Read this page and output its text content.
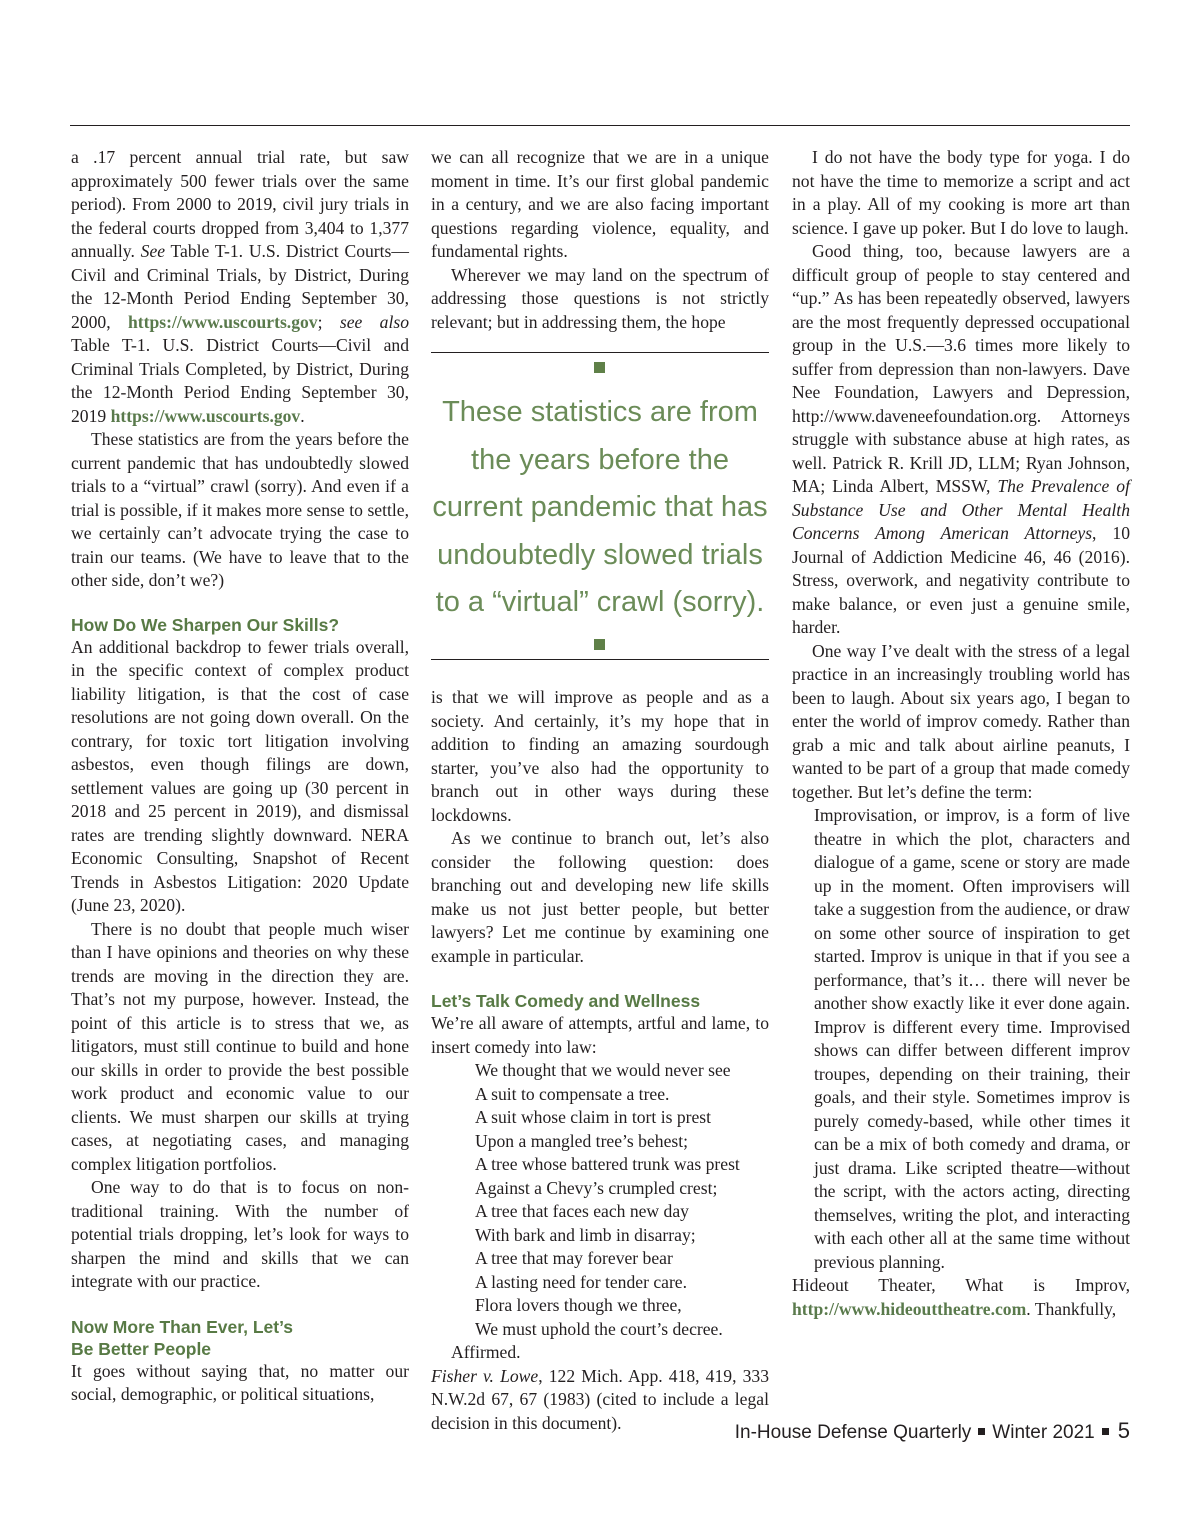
a .17 percent annual trial rate, but saw approximately 500 fewer trials over the same period). From 2000 to 2019, civil jury trials in the federal courts dropped from 3,404 to 1,377 annually. See Table T-1. U.S. District Courts—Civil and Criminal Trials, by District, During the 12-Month Period Ending September 30, 2000, https://www.uscourts.gov; see also Table T-1. U.S. District Courts—Civil and Criminal Trials Completed, by District, During the 12-Month Period Ending September 30, 2019 https://www.uscourts.gov.

These statistics are from the years before the current pandemic that has undoubtedly slowed trials to a “virtual” crawl (sorry). And even if a trial is possible, if it makes more sense to settle, we certainly can’t advocate trying the case to train our teams. (We have to leave that to the other side, don’t we?)

How Do We Sharpen Our Skills?

An additional backdrop to fewer trials overall, in the specific context of complex product liability litigation, is that the cost of case resolutions are not going down overall. On the contrary, for toxic tort litigation involving asbestos, even though filings are down, settlement values are going up (30 percent in 2018 and 25 percent in 2019), and dismissal rates are trending slightly downward. NERA Economic Consulting, Snapshot of Recent Trends in Asbestos Litigation: 2020 Update (June 23, 2020).

There is no doubt that people much wiser than I have opinions and theories on why these trends are moving in the direction they are. That’s not my purpose, however. Instead, the point of this article is to stress that we, as litigators, must still continue to build and hone our skills in order to provide the best possible work product and economic value to our clients. We must sharpen our skills at trying cases, at negotiating cases, and managing complex litigation portfolios.

One way to do that is to focus on non-traditional training. With the number of potential trials dropping, let’s look for ways to sharpen the mind and skills that we can integrate with our practice.

Now More Than Ever, Let’s
Be Better People

It goes without saying that, no matter our social, demographic, or political situations,

we can all recognize that we are in a unique moment in time. It’s our first global pandemic in a century, and we are also facing important questions regarding violence, equality, and fundamental rights.

Wherever we may land on the spectrum of addressing those questions is not strictly relevant; but in addressing them, the hope

These statistics are from the years before the current pandemic that has undoubtedly slowed trials to a “virtual” crawl (sorry).

is that we will improve as people and as a society. And certainly, it’s my hope that in addition to finding an amazing sourdough starter, you’ve also had the opportunity to branch out in other ways during these lockdowns.

As we continue to branch out, let’s also consider the following question: does branching out and developing new life skills make us not just better people, but better lawyers? Let me continue by examining one example in particular.

Let’s Talk Comedy and Wellness

We’re all aware of attempts, artful and lame, to insert comedy into law:

We thought that we would never see
A suit to compensate a tree.
A suit whose claim in tort is prest
Upon a mangled tree’s behest;
A tree whose battered trunk was prest
Against a Chevy’s crumpled crest;
A tree that faces each new day
With bark and limb in disarray;
A tree that may forever bear
A lasting need for tender care.
Flora lovers though we three,
We must uphold the court’s decree.

Affirmed.

Fisher v. Lowe, 122 Mich. App. 418, 419, 333 N.W.2d 67, 67 (1983) (cited to include a legal decision in this document).

I do not have the body type for yoga. I do not have the time to memorize a script and act in a play. All of my cooking is more art than science. I gave up poker. But I do love to laugh.

Good thing, too, because lawyers are a difficult group of people to stay centered and “up.” As has been repeatedly observed, lawyers are the most frequently depressed occupational group in the U.S.—3.6 times more likely to suffer from depression than non-lawyers. Dave Nee Foundation, Lawyers and Depression, http://www.daveneefoundation.org. Attorneys struggle with substance abuse at high rates, as well. Patrick R. Krill JD, LLM; Ryan Johnson, MA; Linda Albert, MSSW, The Prevalence of Substance Use and Other Mental Health Concerns Among American Attorneys, 10 Journal of Addiction Medicine 46, 46 (2016). Stress, overwork, and negativity contribute to make balance, or even just a genuine smile, harder.

One way I’ve dealt with the stress of a legal practice in an increasingly troubling world has been to laugh. About six years ago, I began to enter the world of improv comedy. Rather than grab a mic and talk about airline peanuts, I wanted to be part of a group that made comedy together. But let’s define the term:

Improvisation, or improv, is a form of live theatre in which the plot, characters and dialogue of a game, scene or story are made up in the moment. Often improvisers will take a suggestion from the audience, or draw on some other source of inspiration to get started. Improv is unique in that if you see a performance, that’s it… there will never be another show exactly like it ever done again. Improv is different every time. Improvised shows can differ between different improv troupes, depending on their training, their goals, and their style. Sometimes improv is purely comedy-based, while other times it can be a mix of both comedy and drama, or just drama. Like scripted theatre—without the script, with the actors acting, directing themselves, writing the plot, and interacting with each other all at the same time without previous planning.

Hideout Theater, What is Improv, http://www.hideouttheatre.com. Thankfully,

In-House Defense Quarterly Winter 2021 5
